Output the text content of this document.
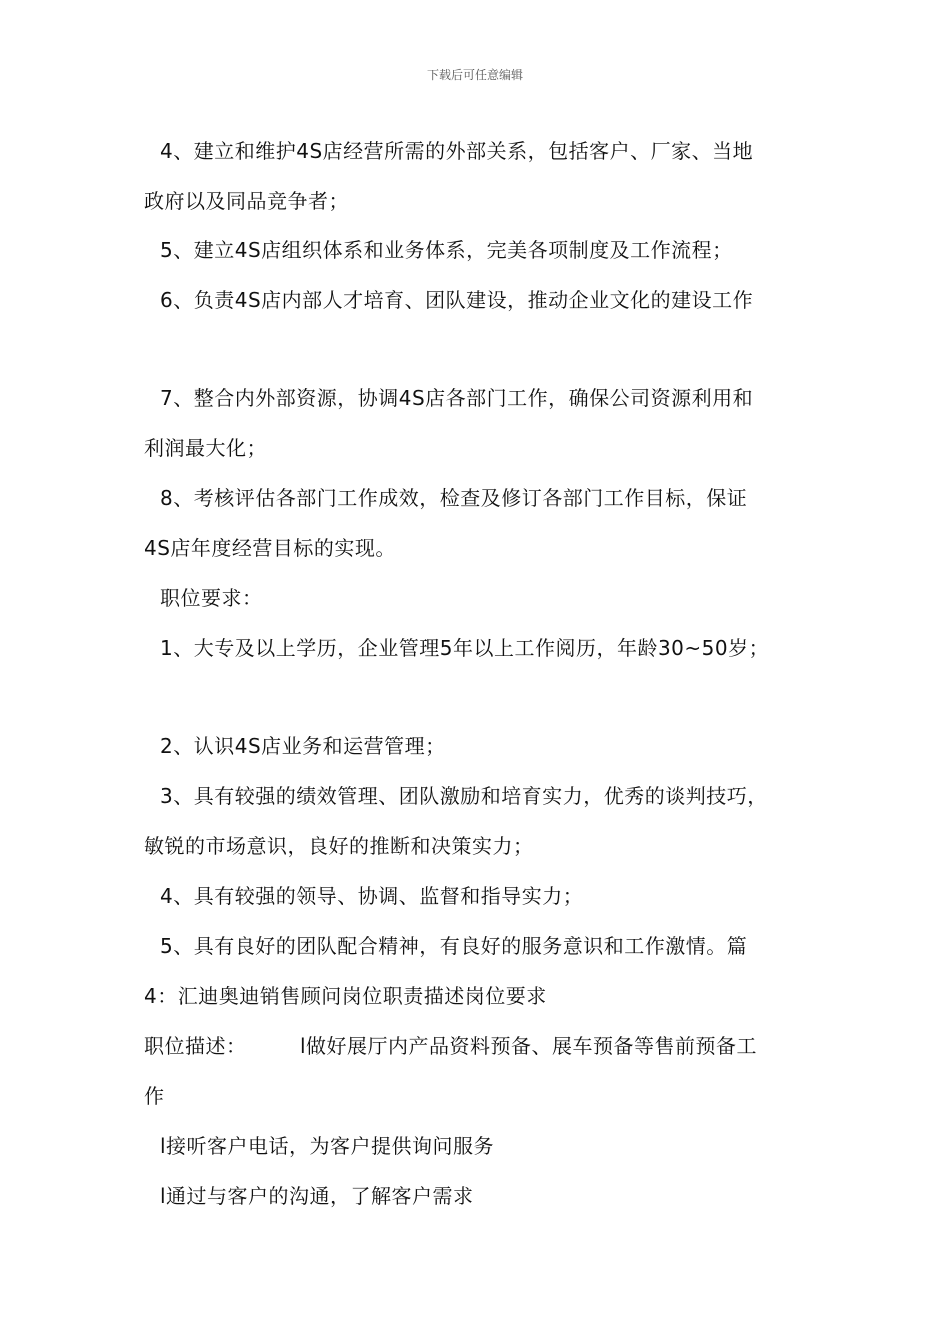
下载后可任意编辑
4、建立和维护4S店经营所需的外部关系，包括客户、厂家、当地
政府以及同品竞争者；
5、建立4S店组织体系和业务体系，完美各项制度及工作流程；
6、负责4S店内部人才培育、团队建设，推动企业文化的建设工作
7、整合内外部资源，协调4S店各部门工作，确保公司资源利用和
利润最大化；
8、考核评估各部门工作成效，检查及修订各部门工作目标，保证
4S店年度经营目标的实现。
职位要求：
1、大专及以上学历，企业管理5年以上工作阅历，年龄30~50岁；
2、认识4S店业务和运营管理；
3、具有较强的绩效管理、团队激励和培育实力，优秀的谈判技巧，
敏锐的市场意识，良好的推断和决策实力；
4、具有较强的领导、协调、监督和指导实力；
5、具有良好的团队配合精神，有良好的服务意识和工作激情。篇
4：汇迪奥迪销售顾问岗位职责描述岗位要求
职位描述：	l做好展厅内产品资料预备、展车预备等售前预备工
作
l接听客户电话，为客户提供询问服务
l通过与客户的沟通，了解客户需求
